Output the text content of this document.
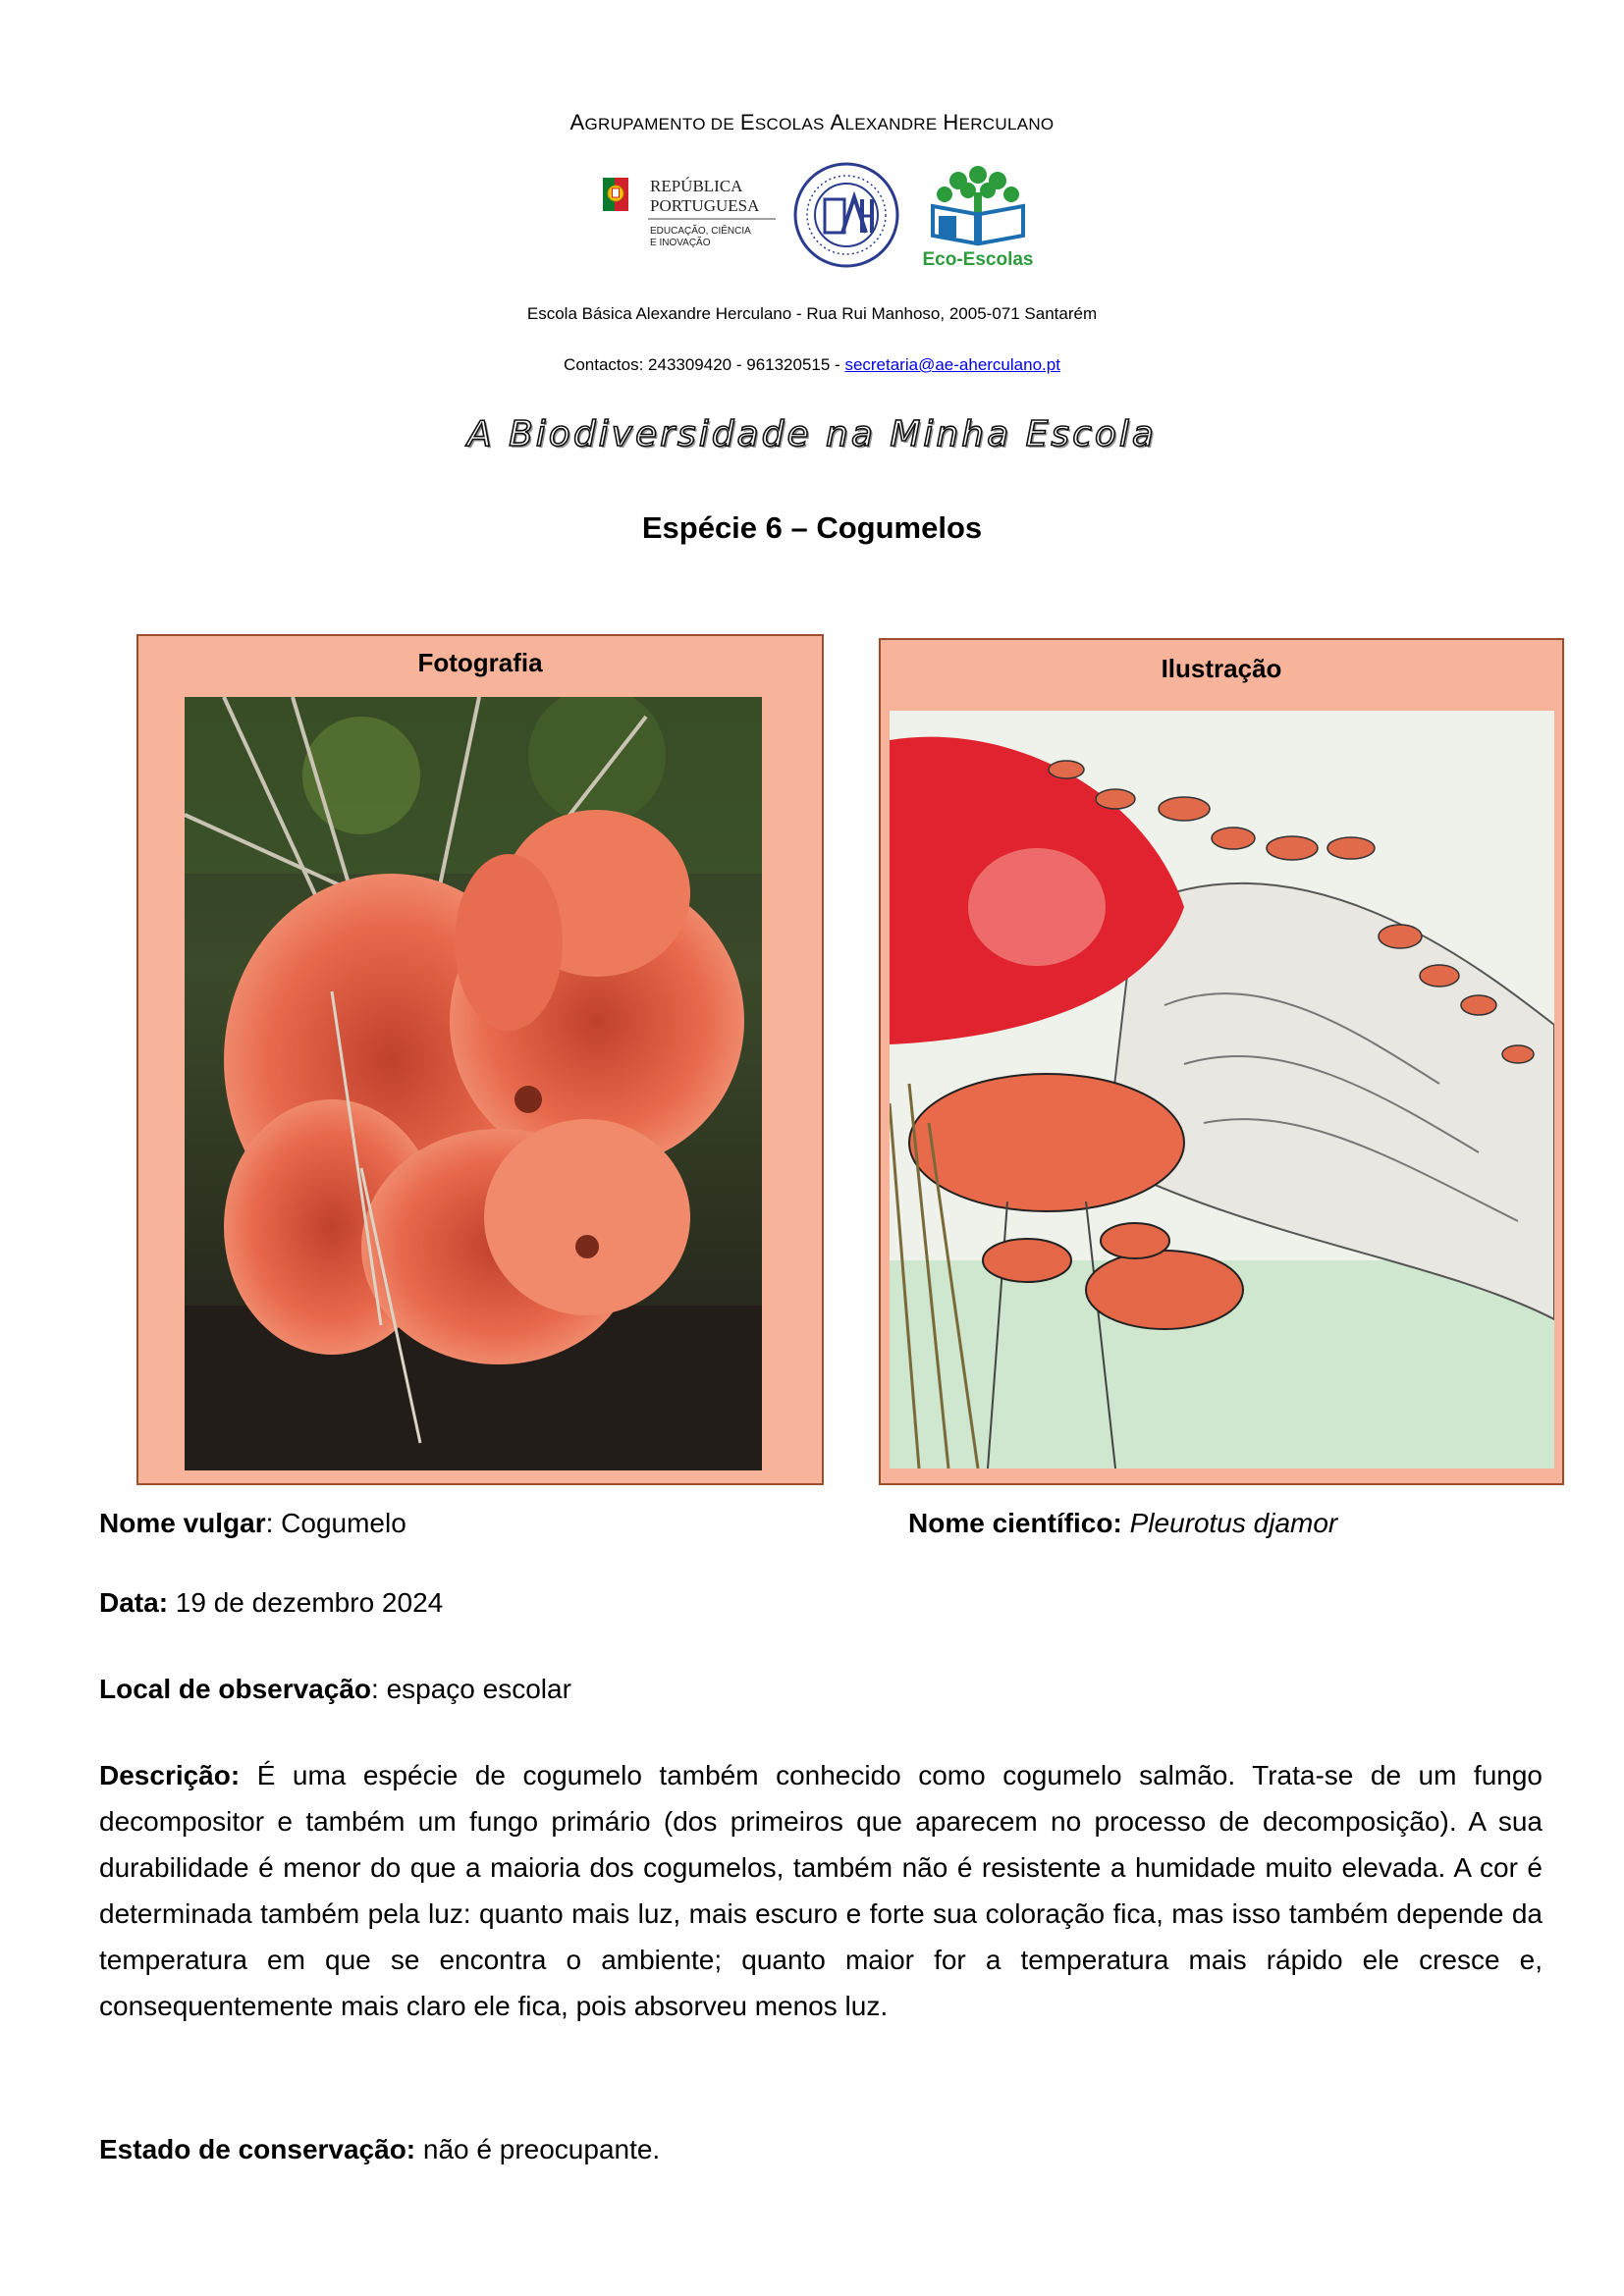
AGRUPAMENTO DE ESCOLAS ALEXANDRE HERCULANO
REPÚBLICA
PORTUGUESA
EDUCAÇÃO, CIÊNCIA
E INOVAÇÃO
Eco-Escolas
Escola Básica Alexandre Herculano - Rua Rui Manhoso, 2005-071 Santarém
Contactos: 243309420 - 961320515 - secretaria@ae-aherculano.pt
A Biodiversidade na Minha Escola
Espécie 6 – Cogumelos
Fotografia	Ilustração
Nome vulgar: Cogumelo	Nome científico: Pleurotus djamor
Data: 19 de dezembro 2024
Local de observação: espaço escolar
Descrição: É uma espécie de cogumelo também conhecido como cogumelo salmão. Trata-se de um fungo decompositor e também um fungo primário (dos primeiros que aparecem no processo de decomposição). A sua durabilidade é menor do que a maioria dos cogumelos, também não é resistente a humidade muito elevada. A cor é determinada também pela luz: quanto mais luz, mais escuro e forte sua coloração fica, mas isso também depende da temperatura em que se encontra o ambiente; quanto maior for a temperatura mais rápido ele cresce e, consequentemente mais claro ele fica, pois absorveu menos luz.
Estado de conservação: não é preocupante.
